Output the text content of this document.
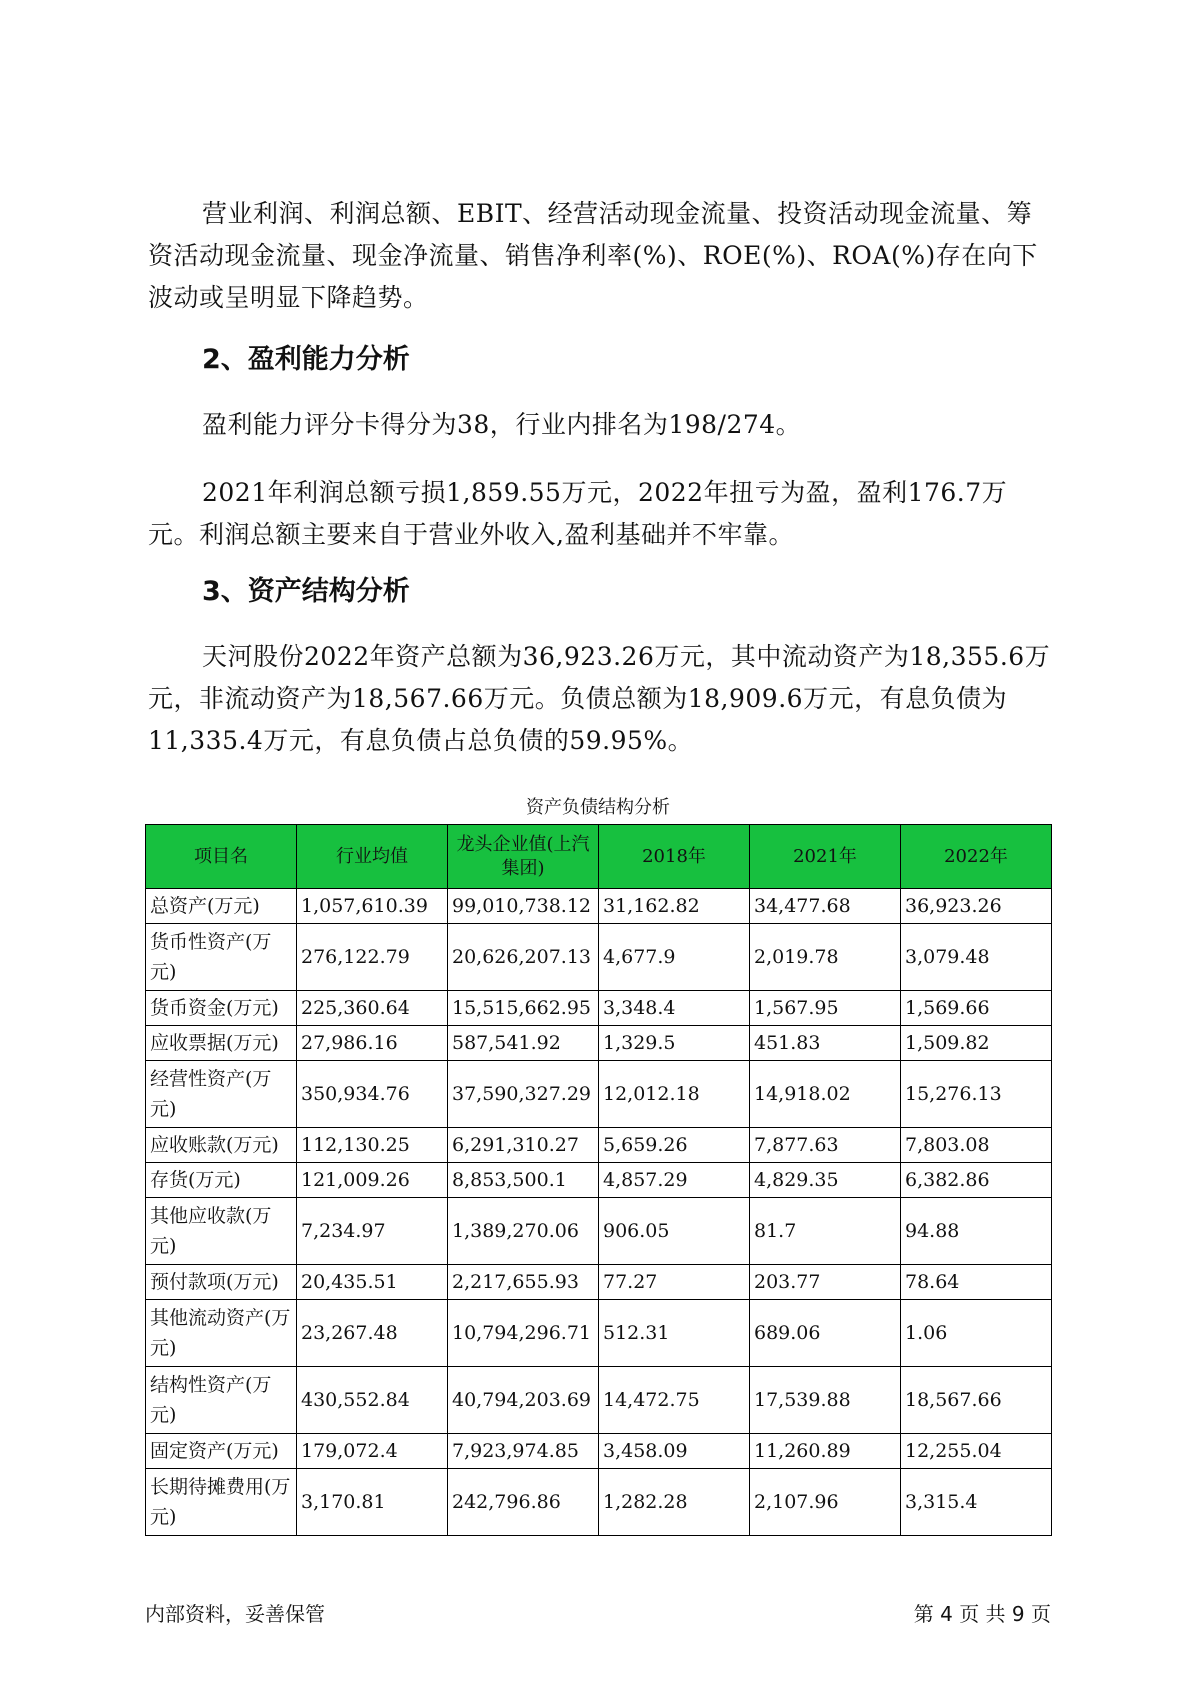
营业利润、利润总额、EBIT、经营活动现金流量、投资活动现金流量、筹资活动现金流量、现金净流量、销售净利率(%)、ROE(%)、ROA(%)存在向下波动或呈明显下降趋势。
2、盈利能力分析
盈利能力评分卡得分为38，行业内排名为198/274。
2021年利润总额亏损1,859.55万元，2022年扭亏为盈，盈利176.7万元。利润总额主要来自于营业外收入,盈利基础并不牢靠。
3、资产结构分析
天河股份2022年资产总额为36,923.26万元，其中流动资产为18,355.6万元，非流动资产为18,567.66万元。负债总额为18,909.6万元，有息负债为11,335.4万元，有息负债占总负债的59.95%。
资产负债结构分析
项目名	行业均值	龙头企业值(上汽集团)	2018年	2021年	2022年
总资产(万元)	1,057,610.39	99,010,738.12	31,162.82	34,477.68	36,923.26
货币性资产(万元)	276,122.79	20,626,207.13	4,677.9	2,019.78	3,079.48
货币资金(万元)	225,360.64	15,515,662.95	3,348.4	1,567.95	1,569.66
应收票据(万元)	27,986.16	587,541.92	1,329.5	451.83	1,509.82
经营性资产(万元)	350,934.76	37,590,327.29	12,012.18	14,918.02	15,276.13
应收账款(万元)	112,130.25	6,291,310.27	5,659.26	7,877.63	7,803.08
存货(万元)	121,009.26	8,853,500.1	4,857.29	4,829.35	6,382.86
其他应收款(万元)	7,234.97	1,389,270.06	906.05	81.7	94.88
预付款项(万元)	20,435.51	2,217,655.93	77.27	203.77	78.64
其他流动资产(万元)	23,267.48	10,794,296.71	512.31	689.06	1.06
结构性资产(万元)	430,552.84	40,794,203.69	14,472.75	17,539.88	18,567.66
固定资产(万元)	179,072.4	7,923,974.85	3,458.09	11,260.89	12,255.04
长期待摊费用(万元)	3,170.81	242,796.86	1,282.28	2,107.96	3,315.4
内部资料，妥善保管	第 4 页 共 9 页
